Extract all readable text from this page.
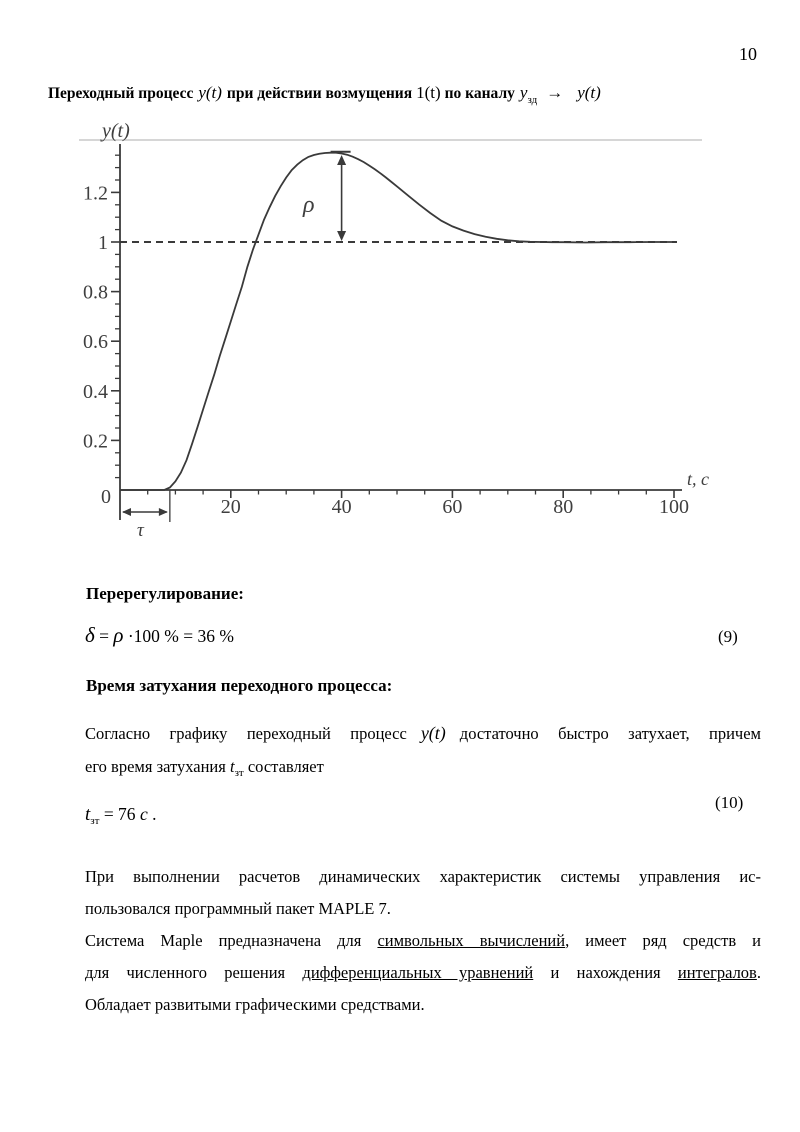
10
Переходный процесс y(t) при действии возмущения 1(t) по каналу $y_{зд} \to y(t)$
20	40	60	80	100
0.2
0.4
0.6
0.8
1
1.2
0
ρ
τ
y(t)
t, c
Перерегулирование:
δ = ρ ·100 % = 36 %	(9)
Время затухания переходного процесса:
Согласно графику переходный процесс y(t) достаточно быстро затухает, причем
его время затухания $t_{зт}$ составляет
(10)
$t_{зт} = 76$ с .
При выполнении расчетов динамических характеристик системы управления ис-
пользовался программный пакет MAPLE 7.
Система Maple предназначена для символьных вычислений, имеет ряд средств и
для численного решения дифференциальных уравнений и нахождения интегралов.
Обладает развитыми графическими средствами.
